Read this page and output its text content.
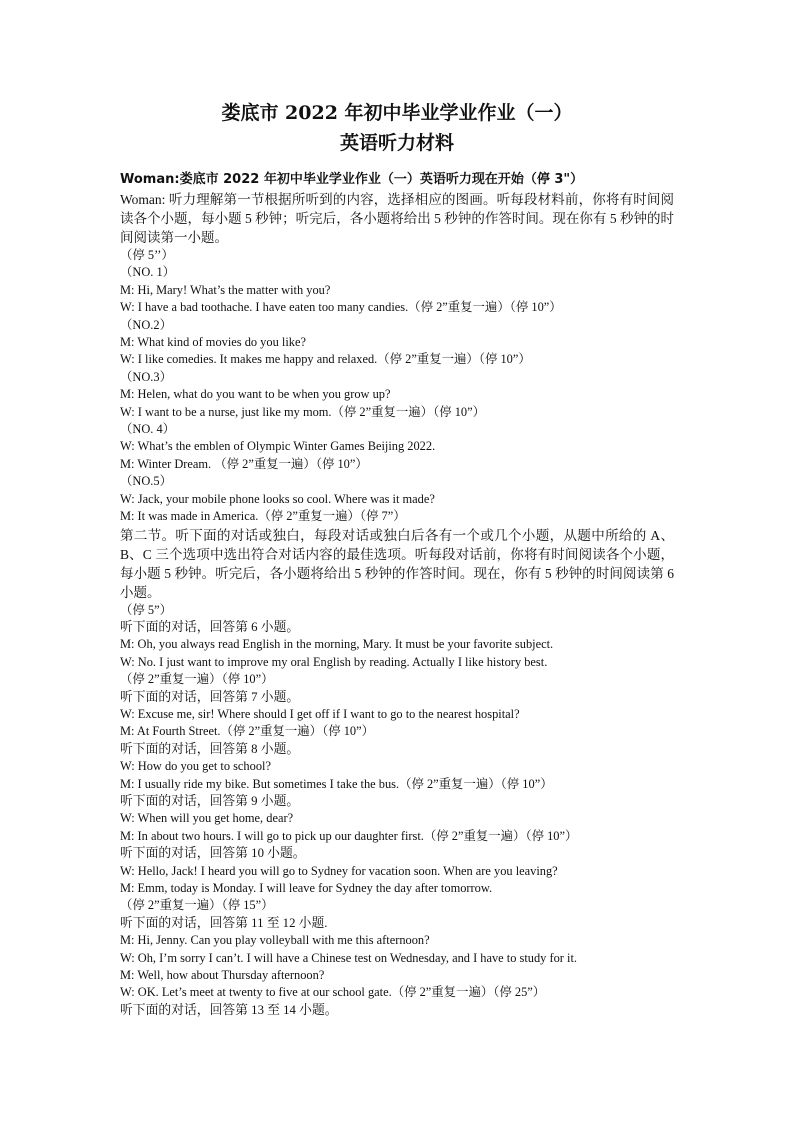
娄底市 2022 年初中毕业学业作业（一）
英语听力材料

Woman:娄底市 2022 年初中毕业学业作业（一）英语听力现在开始（停 3"）

Woman: 听力理解第一节根据所听到的内容，选择相应的图画。听每段材料前，你将有时间阅读各个小题，每小题 5 秒钟；听完后，各小题将给出 5 秒钟的作答时间。现在你有 5 秒钟的时间阅读第一小题。

（停 5’’）

（NO. 1）

M: Hi, Mary! What’s the matter with you?

W: I have a bad toothache. I have eaten too many candies.（停 2”重复一遍）（停 10”）

（NO.2）

M: What kind of movies do you like?

W: I like comedies. It makes me happy and relaxed.（停 2”重复一遍）（停 10”）

（NO.3）

M: Helen, what do you want to be when you grow up?

W: I want to be a nurse, just like my mom.（停 2”重复一遍）（停 10”）

（NO. 4）

W: What’s the emblen of Olympic Winter Games Beijing 2022.

M: Winter Dream. （停 2”重复一遍）（停 10”）

（NO.5）

W: Jack, your mobile phone looks so cool. Where was it made?

M: It was made in America.（停 2”重复一遍）（停 7”）

第二节。听下面的对话或独白，每段对话或独白后各有一个或几个小题，从题中所给的 A、B、C 三个选项中选出符合对话内容的最佳选项。听每段对话前，你将有时间阅读各个小题，每小题 5 秒钟。听完后，各小题将给出 5 秒钟的作答时间。现在，你有 5 秒钟的时间阅读第 6 小题。

（停 5”）

听下面的对话，回答第 6 小题。

M: Oh, you always read English in the morning, Mary. It must be your favorite subject.

W: No. I just want to improve my oral English by reading. Actually I like history best.

（停 2”重复一遍）（停 10”）

听下面的对话，回答第 7 小题。

W: Excuse me, sir! Where should I get off if I want to go to the nearest hospital?

M: At Fourth Street.（停 2”重复一遍）（停 10”）

听下面的对话，回答第 8 小题。

W: How do you get to school?

M: I usually ride my bike. But sometimes I take the bus.（停 2”重复一遍）（停 10”）

听下面的对话，回答第 9 小题。

W: When will you get home, dear?

M: In about two hours. I will go to pick up our daughter first.（停 2”重复一遍）（停 10”）

听下面的对话，回答第 10 小题。

W: Hello, Jack! I heard you will go to Sydney for vacation soon. When are you leaving?

M: Emm, today is Monday. I will leave for Sydney the day after tomorrow.

（停 2”重复一遍）（停 15”）

听下面的对话，回答第 11 至 12 小题.

M: Hi, Jenny. Can you play volleyball with me this afternoon?

W: Oh, I’m sorry I can’t. I will have a Chinese test on Wednesday, and I have to study for it.

M: Well, how about Thursday afternoon?

W: OK. Let’s meet at twenty to five at our school gate.（停 2”重复一遍）（停 25”）

听下面的对话，回答第 13 至 14 小题。
